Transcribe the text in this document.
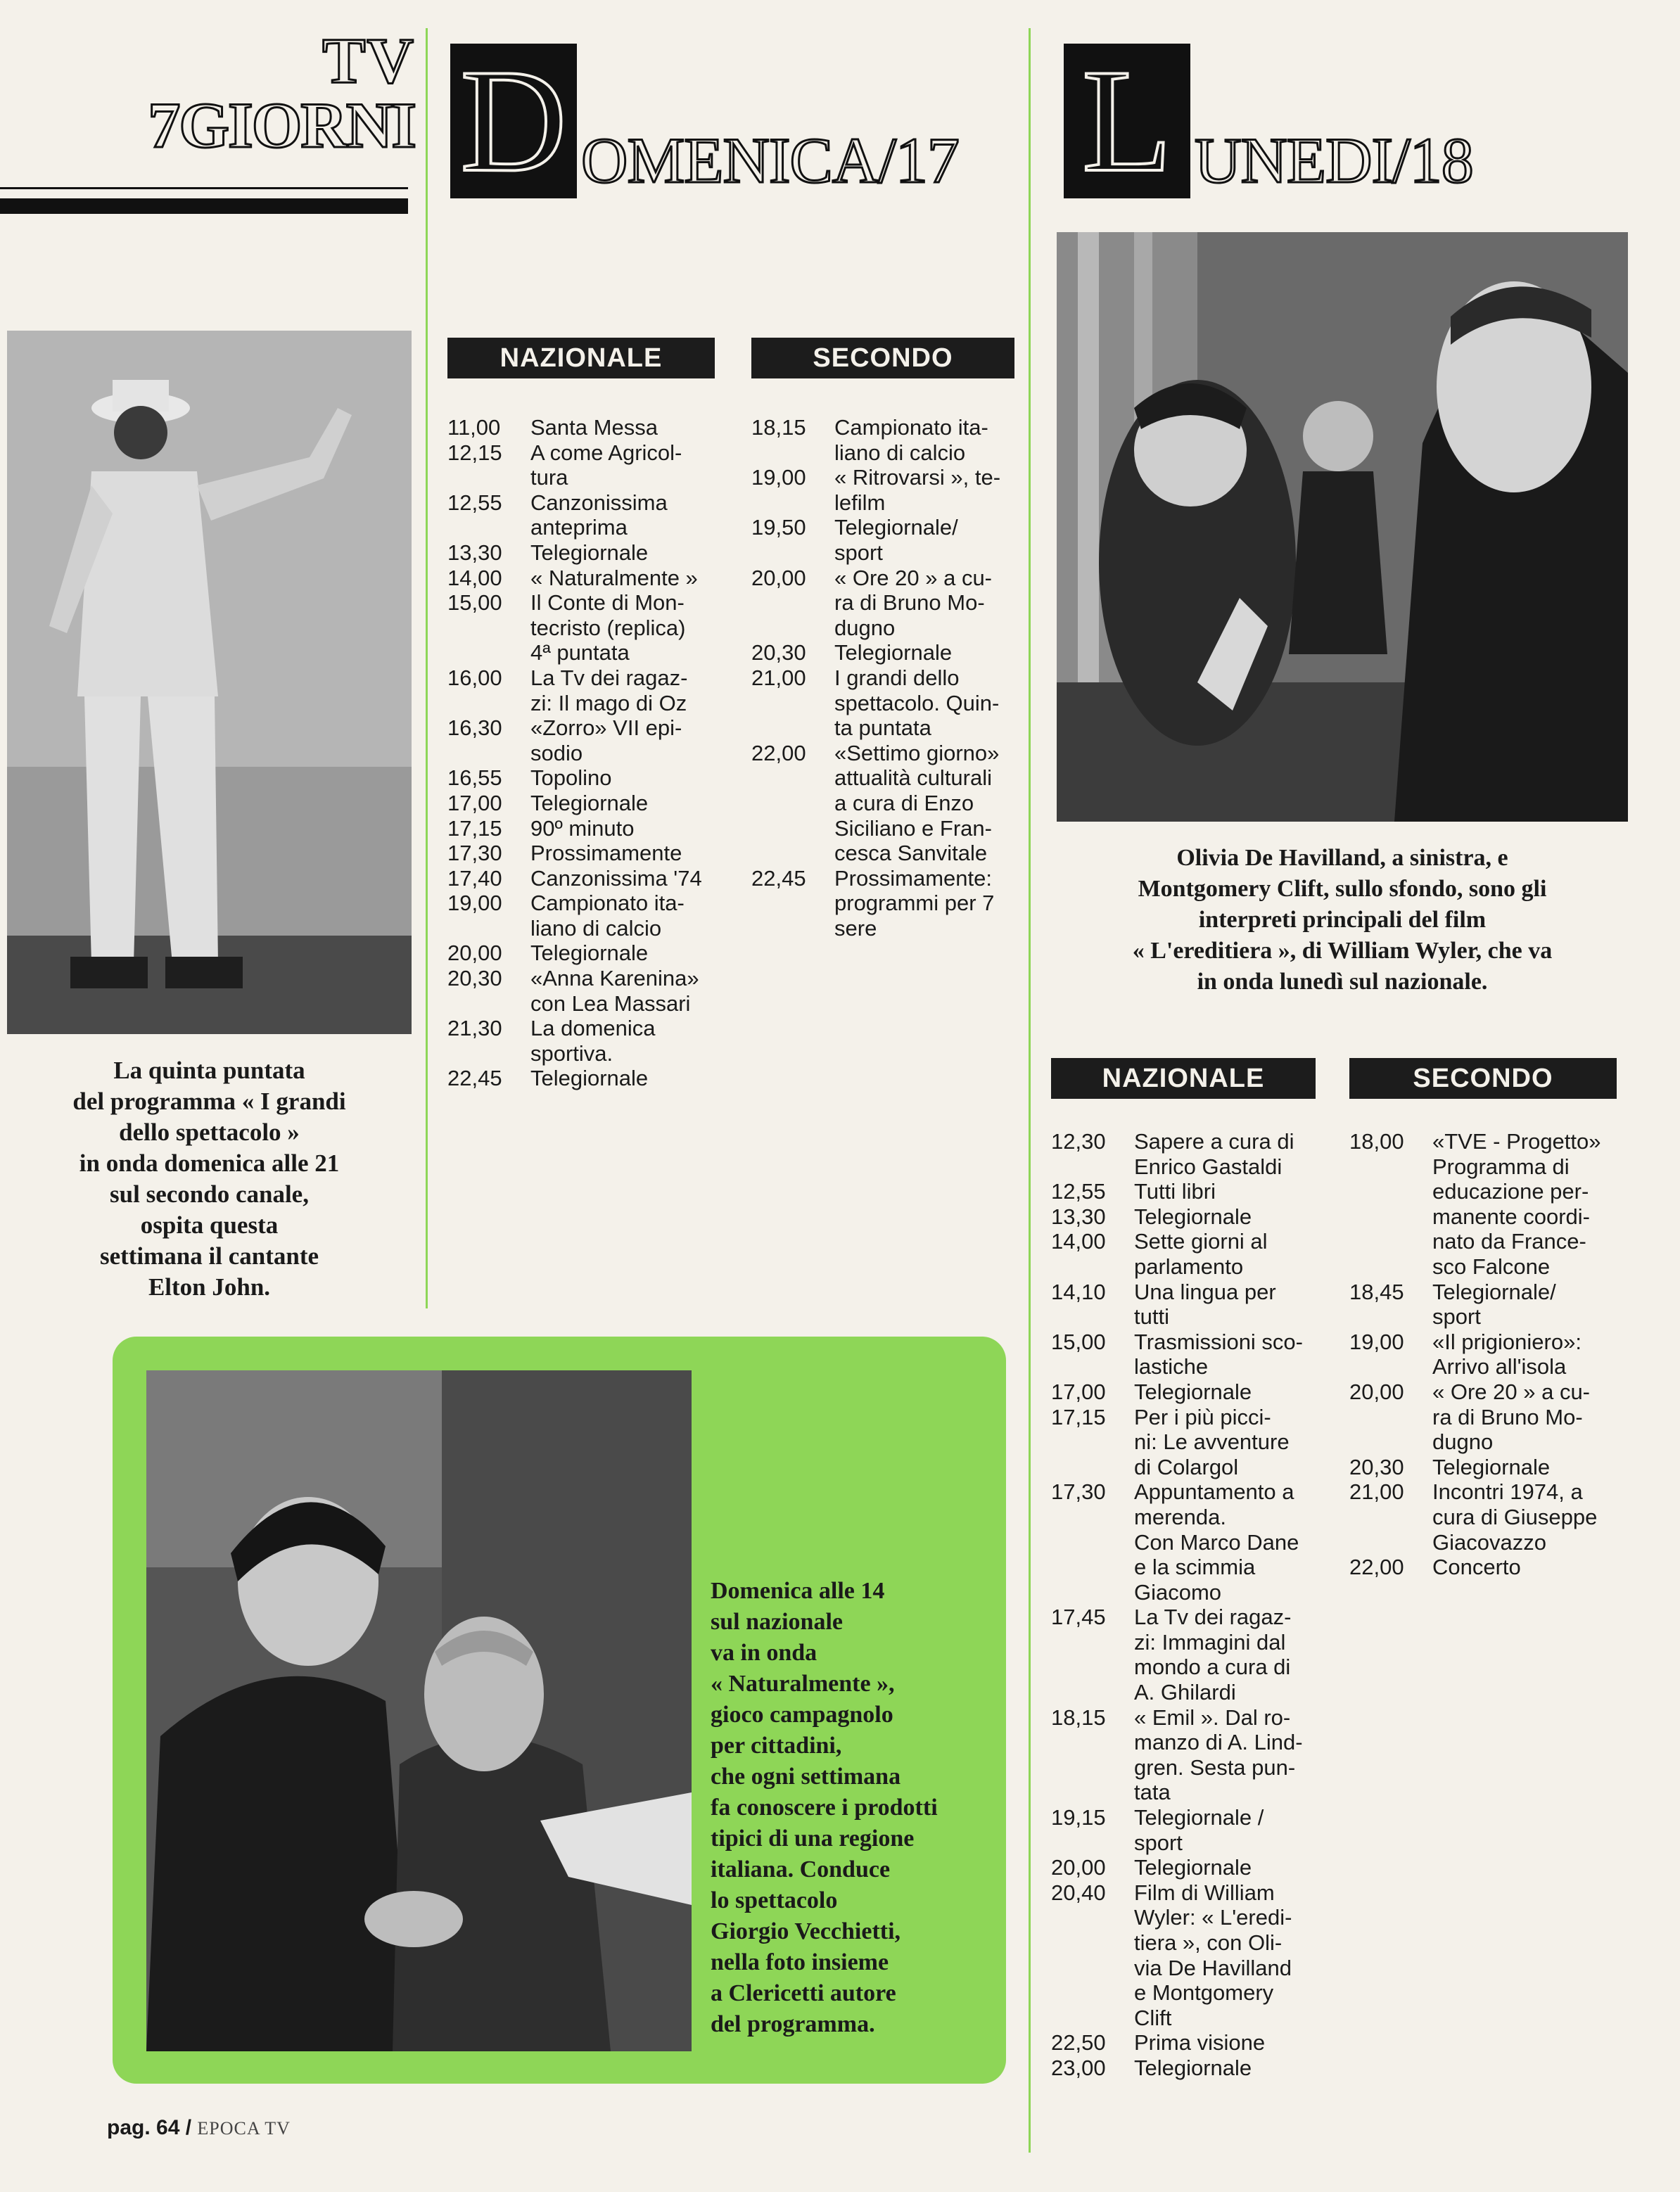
TV
7GIORNI D OMENICA/17 L UNEDI/18
La quinta puntata
del programma « I grandi
dello spettacolo »
in onda domenica alle 21
sul secondo canale,
ospita questa
settimana il cantante
Elton John.
NAZIONALE	SECONDO
11,00	Santa Messa
12,15	A come Agricol-
tura
12,55	Canzonissima
anteprima
13,30	Telegiornale
14,00	« Naturalmente »
15,00	Il Conte di Mon-
tecristo (replica)
4ª puntata
16,00	La Tv dei ragaz-
zi: Il mago di Oz
16,30	«Zorro» VII epi-
sodio
16,55	Topolino
17,00	Telegiornale
17,15	90º minuto
17,30	Prossimamente
17,40	Canzonissima '74
19,00	Campionato ita-
liano di calcio
20,00	Telegiornale
20,30	«Anna Karenina»
con Lea Massari
21,30	La domenica
sportiva.
22,45	Telegiornale
18,15	Campionato ita-
liano di calcio
19,00	« Ritrovarsi », te-
lefilm
19,50	Telegiornale/
sport
20,00	« Ore 20 » a cu-
ra di Bruno Mo-
dugno
20,30	Telegiornale
21,00	I grandi dello
spettacolo. Quin-
ta puntata
22,00	«Settimo giorno»
attualità culturali
a cura di Enzo
Siciliano e Fran-
cesca Sanvitale
22,45	Prossimamente:
programmi per 7
sere
Olivia De Havilland, a sinistra, e
Montgomery Clift, sullo sfondo, sono gli
interpreti principali del film
« L'ereditiera », di William Wyler, che va
in onda lunedì sul nazionale.
NAZIONALE	SECONDO
12,30	Sapere a cura di
Enrico Gastaldi
12,55	Tutti libri
13,30	Telegiornale
14,00	Sette giorni al
parlamento
14,10	Una lingua per
tutti
15,00	Trasmissioni sco-
lastiche
17,00	Telegiornale
17,15	Per i più picci-
ni: Le avventure
di Colargol
17,30	Appuntamento a
merenda.
Con Marco Dane
e la scimmia
Giacomo
17,45	La Tv dei ragaz-
zi: Immagini dal
mondo a cura di
A. Ghilardi
18,15	« Emil ». Dal ro-
manzo di A. Lind-
gren. Sesta pun-
tata
19,15	Telegiornale /
sport
20,00	Telegiornale
20,40	Film di William
Wyler: « L'eredi-
tiera », con Oli-
via De Havilland
e Montgomery
Clift
22,50	Prima visione
23,00	Telegiornale
18,00	«TVE - Progetto»
Programma di
educazione per-
manente coordi-
nato da France-
sco Falcone
18,45	Telegiornale/
sport
19,00	«Il prigioniero»:
Arrivo all'isola
20,00	« Ore 20 » a cu-
ra di Bruno Mo-
dugno
20,30	Telegiornale
21,00	Incontri 1974, a
cura di Giuseppe
Giacovazzo
22,00	Concerto
Domenica alle 14
sul nazionale
va in onda
« Naturalmente »,
gioco campagnolo
per cittadini,
che ogni settimana
fa conoscere i prodotti
tipici di una regione
italiana. Conduce
lo spettacolo
Giorgio Vecchietti,
nella foto insieme
a Clericetti autore
del programma.
pag. 64 / EPOCA TV
